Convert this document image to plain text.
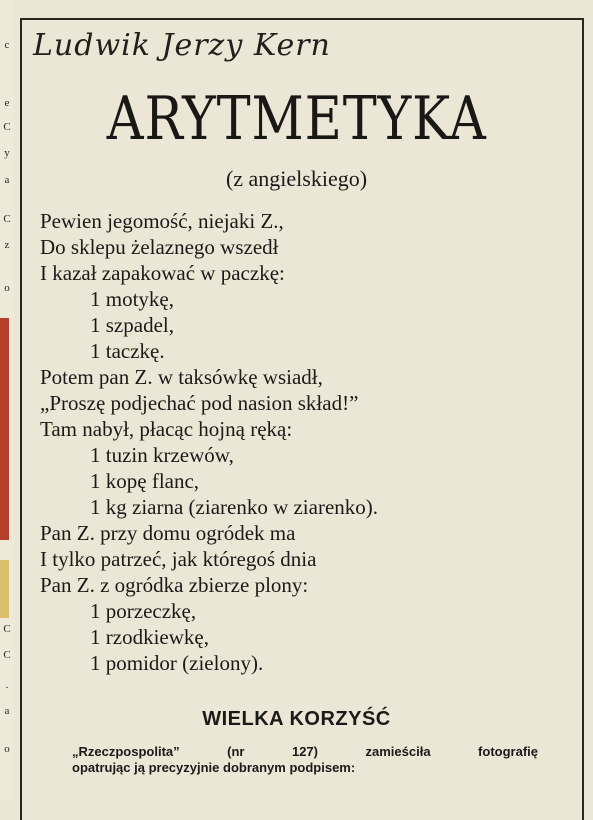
c
e
C
y
a
C
z
o
C
C
.
a
o
Ludwik Jerzy Kern
ARYTMETYKA
(z angielskiego)
Pewien jegomość, niejaki Z.,
Do sklepu żelaznego wszedł
I kazał zapakować w paczkę:
1 motykę,
1 szpadel,
1 taczkę.
Potem pan Z. w taksówkę wsiadł,
„Proszę podjechać pod nasion skład!”
Tam nabył, płacąc hojną ręką:
1 tuzin krzewów,
1 kopę flanc,
1 kg ziarna (ziarenko w ziarenko).
Pan Z. przy domu ogródek ma
I tylko patrzeć, jak któregoś dnia
Pan Z. z ogródka zbierze plony:
1 porzeczkę,
1 rzodkiewkę,
1 pomidor (zielony).
WIELKA KORZYŚĆ
„Rzeczpospolita” (nr 127) zamieściła fotografię
opatrując ją precyzyjnie dobranym podpisem:
